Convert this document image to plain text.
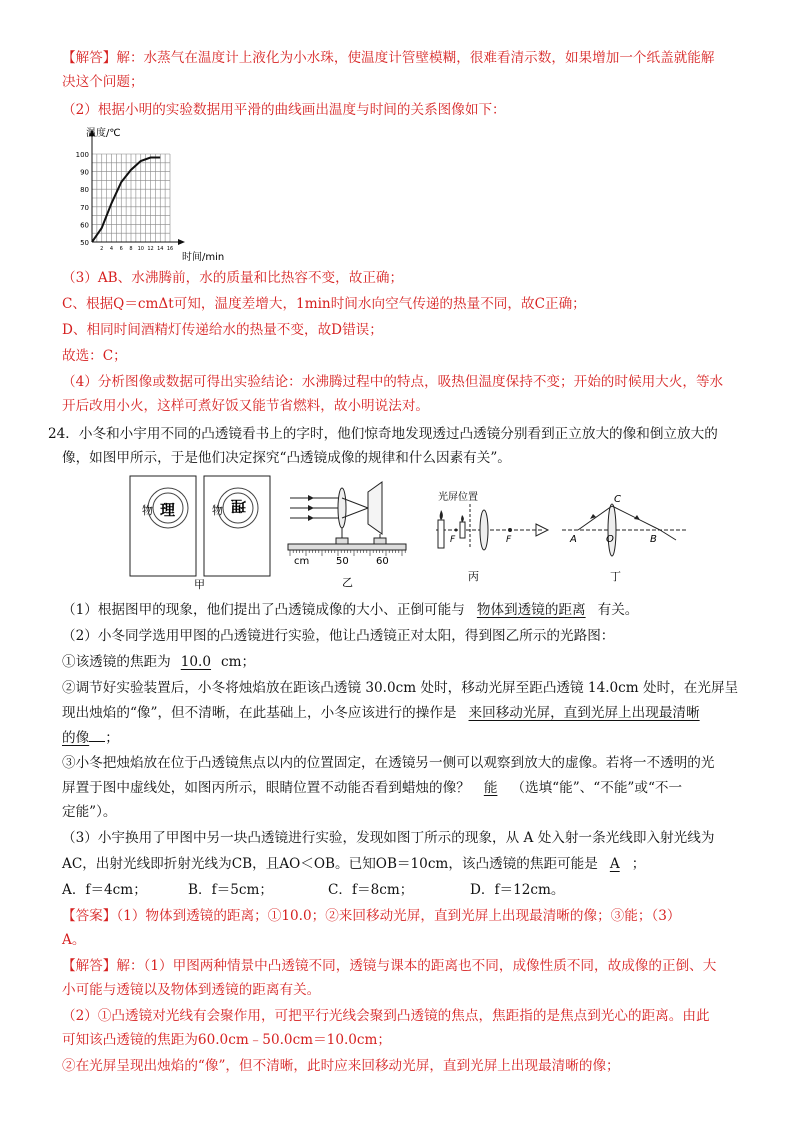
【解答】解：水蒸气在温度计上液化为小水珠，使温度计管壁模糊，很难看清示数，如果增加一个纸盖就能解
决这个问题；
（2）根据小明的实验数据用平滑的曲线画出温度与时间的关系图像如下：
50
60
70
80
90
100
2 4 6 8 10 12 14 16
温度/℃
时间/min
（3）AB、水沸腾前，水的质量和比热容不变，故正确；
C、根据Q＝cmΔt可知，温度差增大，1min时间水向空气传递的热量不同，故C正确；
D、相同时间酒精灯传递给水的热量不变，故D错误；
故选：C；
（4）分析图像或数据可得出实验结论：水沸腾过程中的特点，吸热但温度保持不变；开始的时候用大火，等水
开后改用小火，这样可煮好饭又能节省燃料，故小明说法对。
24．小冬和小宇用不同的凸透镜看书上的字时，他们惊奇地发现透过凸透镜分别看到正立放大的像和倒立放大的
像，如图甲所示，于是他们决定探究“凸透镜成像的规律和什么因素有关”。
物 理	物 理
甲
cm	50	60
乙
光屏位置
F	F
丙
A	O	B
C
丁
（1）根据图甲的现象，他们提出了凸透镜成像的大小、正倒可能与 物体到透镜的距离 有关。
（2）小冬同学选用甲图的凸透镜进行实验，他让凸透镜正对太阳，得到图乙所示的光路图：
①该透镜的焦距为 10.0 cm；
②调节好实验装置后，小冬将烛焰放在距该凸透镜 30.0cm 处时，移动光屏至距凸透镜 14.0cm 处时，在光屏呈
现出烛焰的“像”，但不清晰，在此基础上，小冬应该进行的操作是 来回移动光屏，直到光屏上出现最清晰
的像 ；
③小冬把烛焰放在位于凸透镜焦点以内的位置固定，在透镜另一侧可以观察到放大的虚像。若将一不透明的光
屏置于图中虚线处，如图丙所示，眼睛位置不动能否看到蜡烛的像？ 能 （选填“能”、“不能”或“不一
定能”）。
（3）小宇换用了甲图中另一块凸透镜进行实验，发现如图丁所示的现象，从 A 处入射一条光线即入射光线为
AC，出射光线即折射光线为CB，且AO＜OB。已知OB＝10cm，该凸透镜的焦距可能是 A ；
A．f＝4cm；	B．f＝5cm；	C．f＝8cm；	D．f＝12cm。
【答案】（1）物体到透镜的距离；①10.0；②来回移动光屏，直到光屏上出现最清晰的像；③能；（3）
A。
【解答】解：（1）甲图两种情景中凸透镜不同，透镜与课本的距离也不同，成像性质不同，故成像的正倒、大
小可能与透镜以及物体到透镜的距离有关。
（2）①凸透镜对光线有会聚作用，可把平行光线会聚到凸透镜的焦点，焦距指的是焦点到光心的距离。由此
可知该凸透镜的焦距为60.0cm﹣50.0cm＝10.0cm；
②在光屏呈现出烛焰的“像”，但不清晰，此时应来回移动光屏，直到光屏上出现最清晰的像；
